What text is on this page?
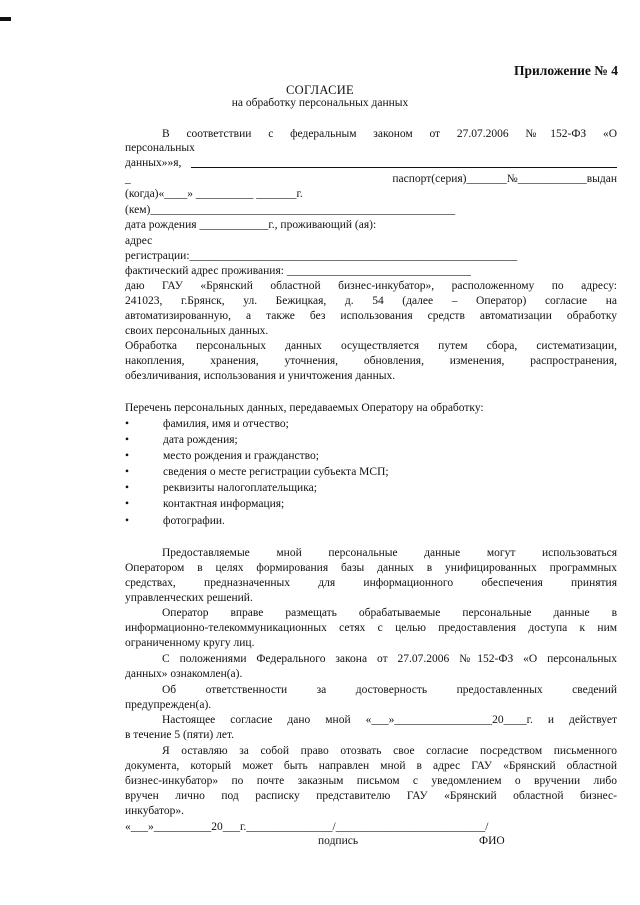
Приложение № 4
СОГЛАСИЕ
на обработку персональных данных
В соответствии с федеральным законом от 27.07.2006 №152-ФЗ «О
персональных
данных»»я,
_	паспорт(серия)_______№____________выдан
(когда)«____» __________ _______г.
(кем)_____________________________________________________
дата рождения ____________г., проживающий (ая):
адрес
регистрации:_________________________________________________________
фактический адрес проживания: ________________________________
даю ГАУ «Брянский областной бизнес-инкубатор», расположенному по адресу:
241023, г.Брянск, ул. Бежицкая, д. 54 (далее – Оператор) согласие на
автоматизированную, а также без использования средств автоматизации обработку
своих персональных данных.
Обработка персональных данных осуществляется путем сбора, систематизации,
накопления, хранения, уточнения, обновления, изменения, распространения,
обезличивания, использования и уничтожения данных.
Перечень персональных данных, передаваемых Оператору на обработку:
•	фамилия, имя и отчество;
•	дата рождения;
•	место рождения и гражданство;
•	сведения о месте регистрации субъекта МСП;
•	реквизиты налогоплательщика;
•	контактная информация;
•	фотографии.
Предоставляемые мной персональные данные могут использоваться
Оператором в целях формирования базы данных в унифицированных программных
средствах, предназначенных для информационного обеспечения принятия
управленческих решений.
Оператор вправе размещать обрабатываемые персональные данные в
информационно-телекоммуникационных сетях с целью предоставления доступа к ним
ограниченному кругу лиц.
С положениями Федерального закона от 27.07.2006 №152-ФЗ «О персональных
данных» ознакомлен(а).
Об ответственности за достоверность предоставленных сведений
предупрежден(а).
Настоящее согласие дано мной «___»_________________20____г. и действует
в течение 5 (пяти) лет.
Я оставляю за собой право отозвать свое согласие посредством письменного
документа, который может быть направлен мной в адрес ГАУ «Брянский областной
бизнес-инкубатор» по почте заказным письмом с уведомлением о вручении либо
вручен лично под расписку представителю ГАУ «Брянский областной бизнес-
инкубатор».
«___»__________20___г._______________/__________________________/
подпись	ФИО
